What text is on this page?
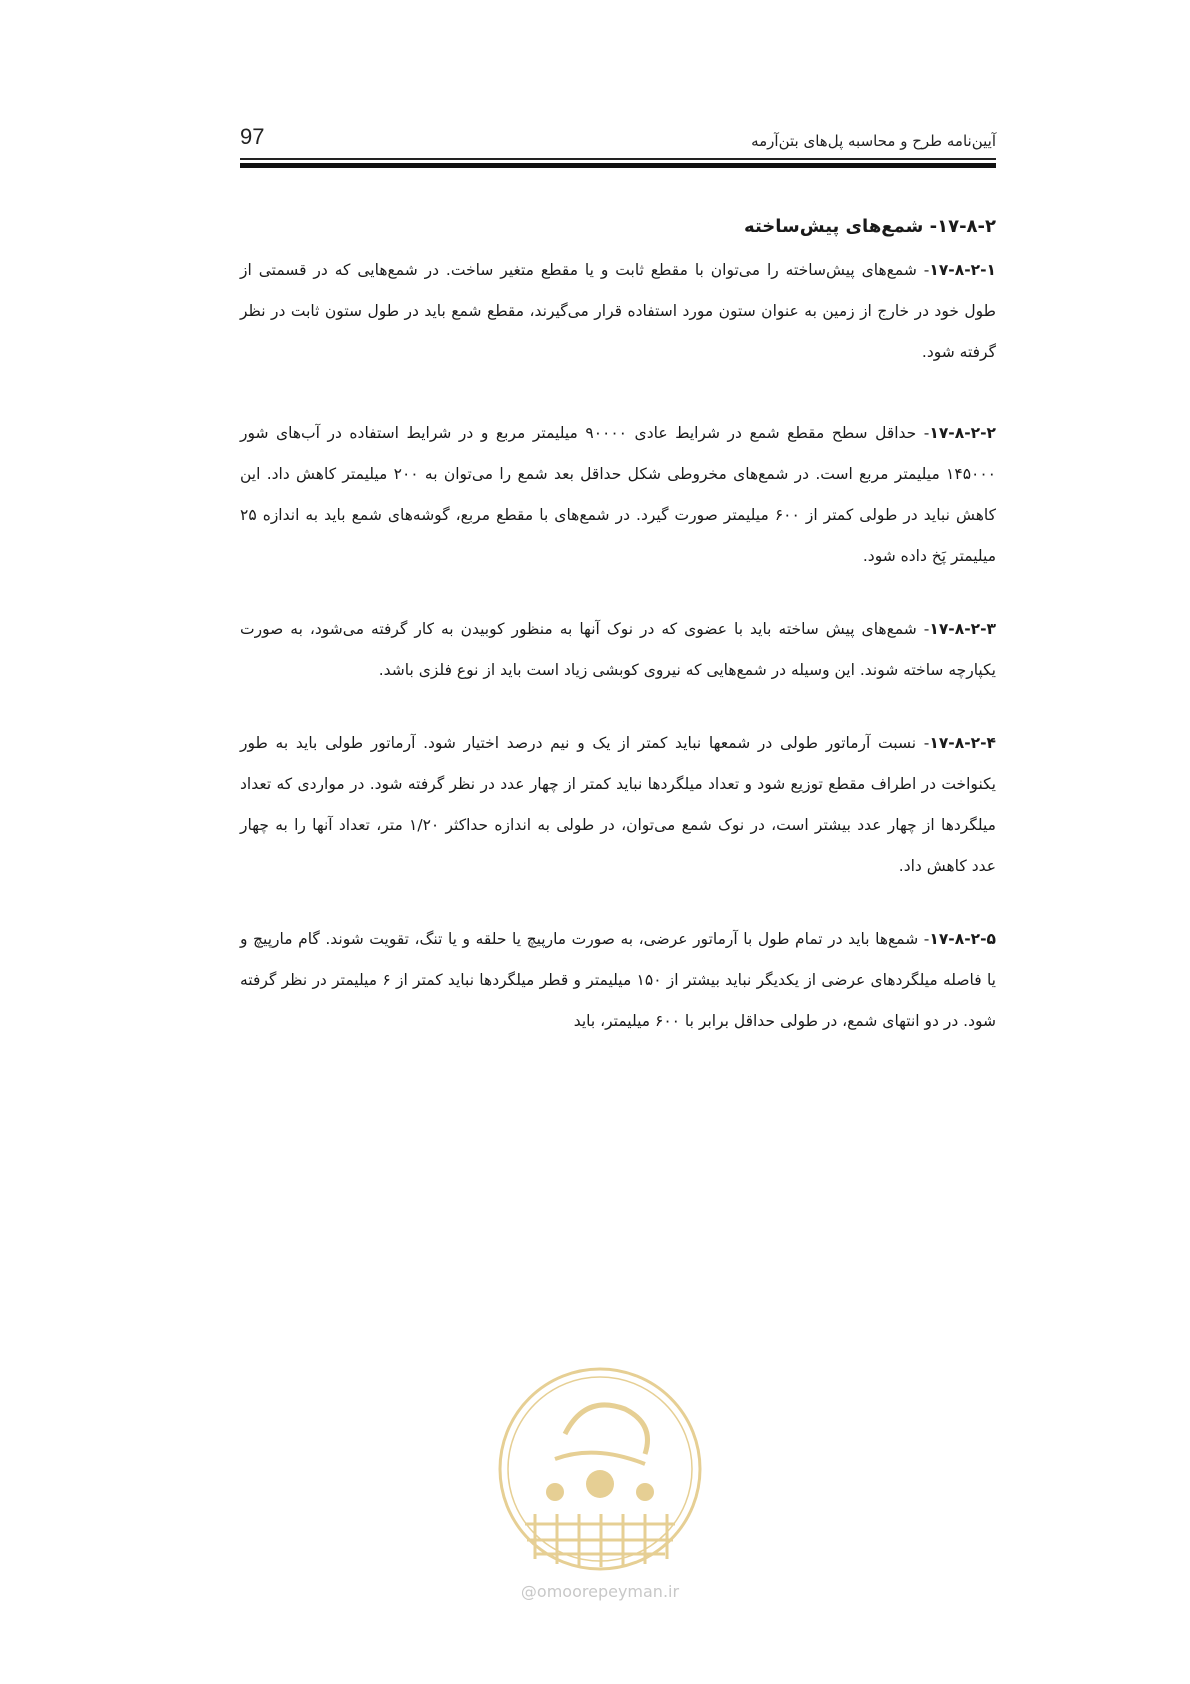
97	آیین‌نامه طرح و محاسبه پل‌های بتن‌آرمه
۱۷-۸-۲- شمع‌های پیش‌ساخته

۱۷-۸-۲-۱- شمع‌های پیش‌ساخته را می‌توان با مقطع ثابت و یا مقطع متغیر ساخت. در شمع‌هایی که در قسمتی از طول خود در خارج از زمین به عنوان ستون مورد استفاده قرار می‌گیرند، مقطع شمع باید در طول ستون ثابت در نظر گرفته شود.

۱۷-۸-۲-۲- حداقل سطح مقطع شمع در شرایط عادی ۹۰۰۰۰ میلیمتر مربع و در شرایط استفاده در آب‌های شور ۱۴۵۰۰۰ میلیمتر مربع است. در شمع‌های مخروطی شکل حداقل بعد شمع را می‌توان به ۲۰۰ میلیمتر کاهش داد. این کاهش نباید در طولی کمتر از ۶۰۰ میلیمتر صورت گیرد. در شمع‌های با مقطع مربع، گوشه‌های شمع باید به اندازه ۲۵ میلیمتر پَخ داده شود.

۱۷-۸-۲-۳- شمع‌های پیش ساخته باید با عضوی که در نوک آنها به منظور کوبیدن به کار گرفته می‌شود، به صورت یکپارچه ساخته شوند. این وسیله در شمع‌هایی که نیروی کوبشی زیاد است باید از نوع فلزی باشد.

۱۷-۸-۲-۴- نسبت آرماتور طولی در شمعها نباید کمتر از یک و نیم درصد اختیار شود. آرماتور طولی باید به طور یکنواخت در اطراف مقطع توزیع شود و تعداد میلگردها نباید کمتر از چهار عدد در نظر گرفته شود. در مواردی که تعداد میلگردها از چهار عدد بیشتر است، در نوک شمع می‌توان، در طولی به اندازه حداکثر ۱/۲۰ متر، تعداد آنها را به چهار عدد کاهش داد.

۱۷-۸-۲-۵- شمع‌ها باید در تمام طول با آرماتور عرضی، به صورت مارپیچ یا حلقه و یا تنگ، تقویت شوند. گام مارپیچ و یا فاصله میلگردهای عرضی از یکدیگر نباید بیشتر از ۱۵۰ میلیمتر و قطر میلگردها نباید کمتر از ۶ میلیمتر در نظر گرفته شود. در دو انتهای شمع، در طولی حداقل برابر با ۶۰۰ میلیمتر، باید

@omoorepeyman.ir
